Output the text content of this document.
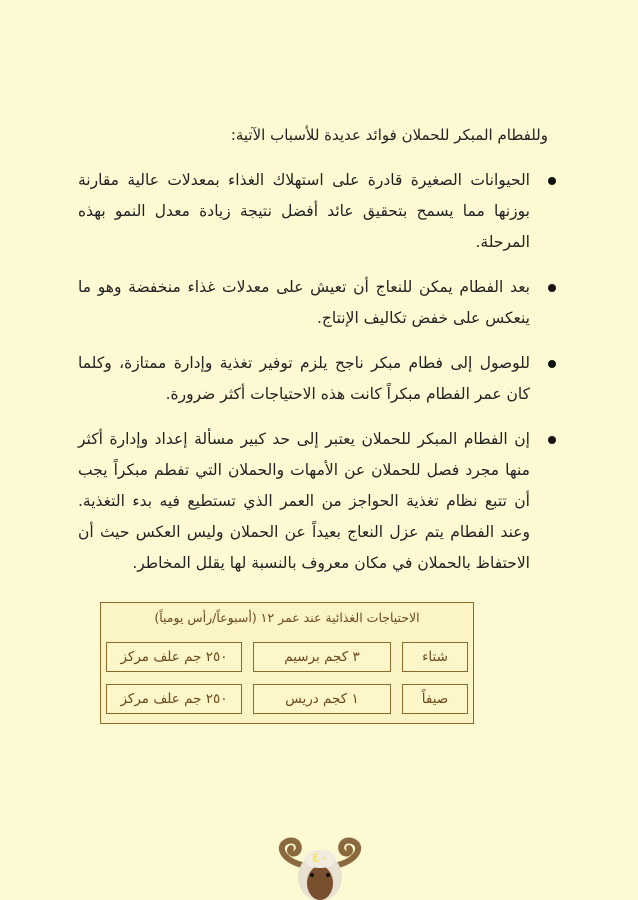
وللفطام المبكر للحملان فوائد عديدة للأسباب الآتية:
الحيوانات الصغيرة قادرة على استهلاك الغذاء بمعدلات عالية مقارنة بوزنها مما يسمح بتحقيق عائد أفضل نتيجة زيادة معدل النمو بهذه المرحلة.
بعد الفطام يمكن للنعاج أن تعيش على معدلات غذاء منخفضة وهو ما ينعكس على خفض تكاليف الإنتاج.
للوصول إلى فطام مبكر ناجح يلزم توفير تغذية وإدارة ممتازة، وكلما كان عمر الفطام مبكراً كانت هذه الاحتياجات أكثر ضرورة.
إن الفطام المبكر للحملان يعتبر إلى حد كبير مسألة إعداد وإدارة أكثر منها مجرد فصل للحملان عن الأمهات والحملان التي تفطم مبكراً يجب أن تتبع نظام تغذية الحواجز من العمر الذي تستطيع فيه بدء التغذية. وعند الفطام يتم عزل النعاج بعيداً عن الحملان وليس العكس حيث أن الاحتفاظ بالحملان في مكان معروف بالنسبة لها يقلل المخاطر.
الاحتياجات الغذائية عند عمر ١٢ (أسبوعاً/رأس يومياً)
شتاء
٣ كجم برسيم
٢٥٠ جم علف مركز
صيفاً
١ كجم دريس
٢٥٠ جم علف مركز
٤٠
